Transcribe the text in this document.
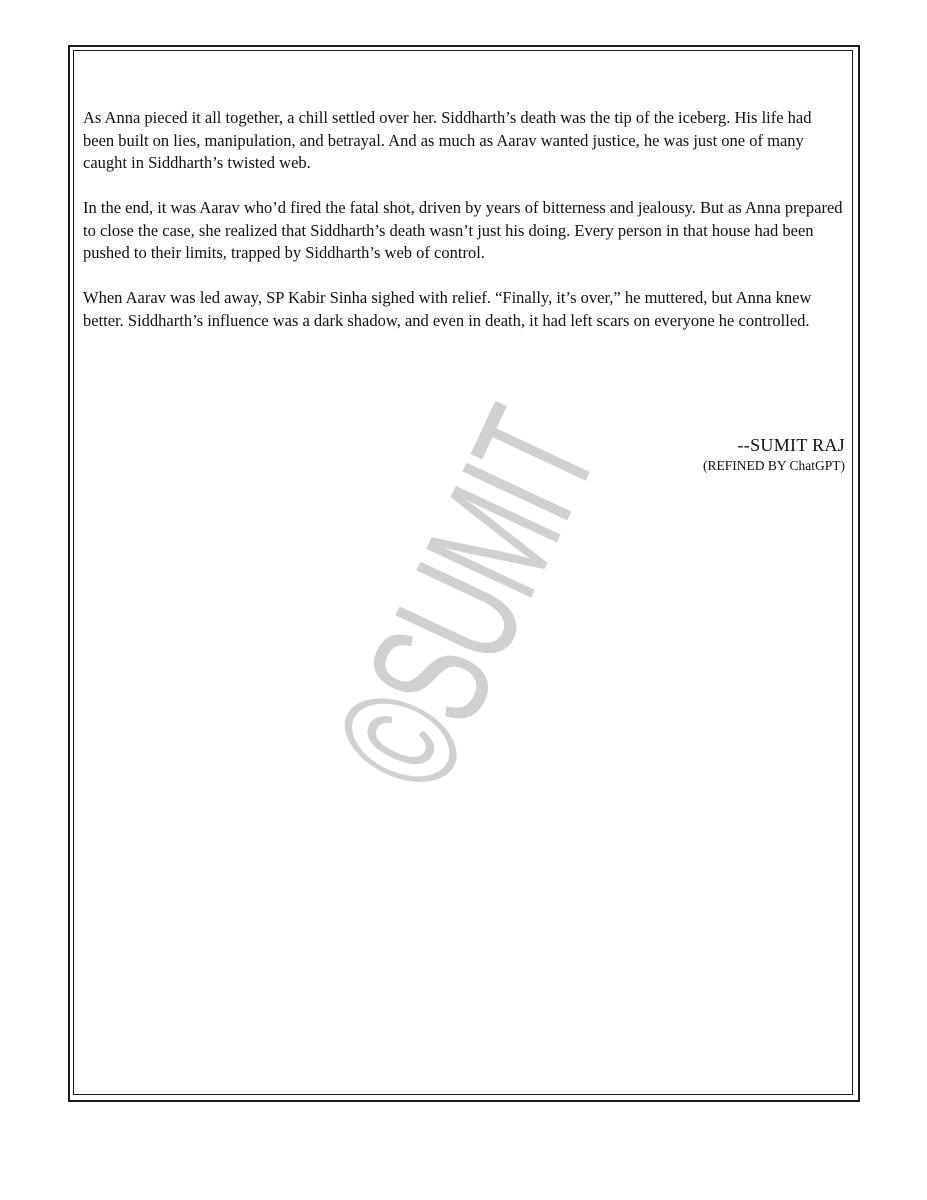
©SUMIT

As Anna pieced it all together, a chill settled over her. Siddharth’s death was the tip of the iceberg. His life had been built on lies, manipulation, and betrayal. And as much as Aarav wanted justice, he was just one of many caught in Siddharth’s twisted web.

In the end, it was Aarav who’d fired the fatal shot, driven by years of bitterness and jealousy. But as Anna prepared to close the case, she realized that Siddharth’s death wasn’t just his doing. Every person in that house had been pushed to their limits, trapped by Siddharth’s web of control.

When Aarav was led away, SP Kabir Sinha sighed with relief. “Finally, it’s over,” he muttered, but Anna knew better. Siddharth’s influence was a dark shadow, and even in death, it had left scars on everyone he controlled.

--SUMIT RAJ
(REFINED BY ChatGPT)
